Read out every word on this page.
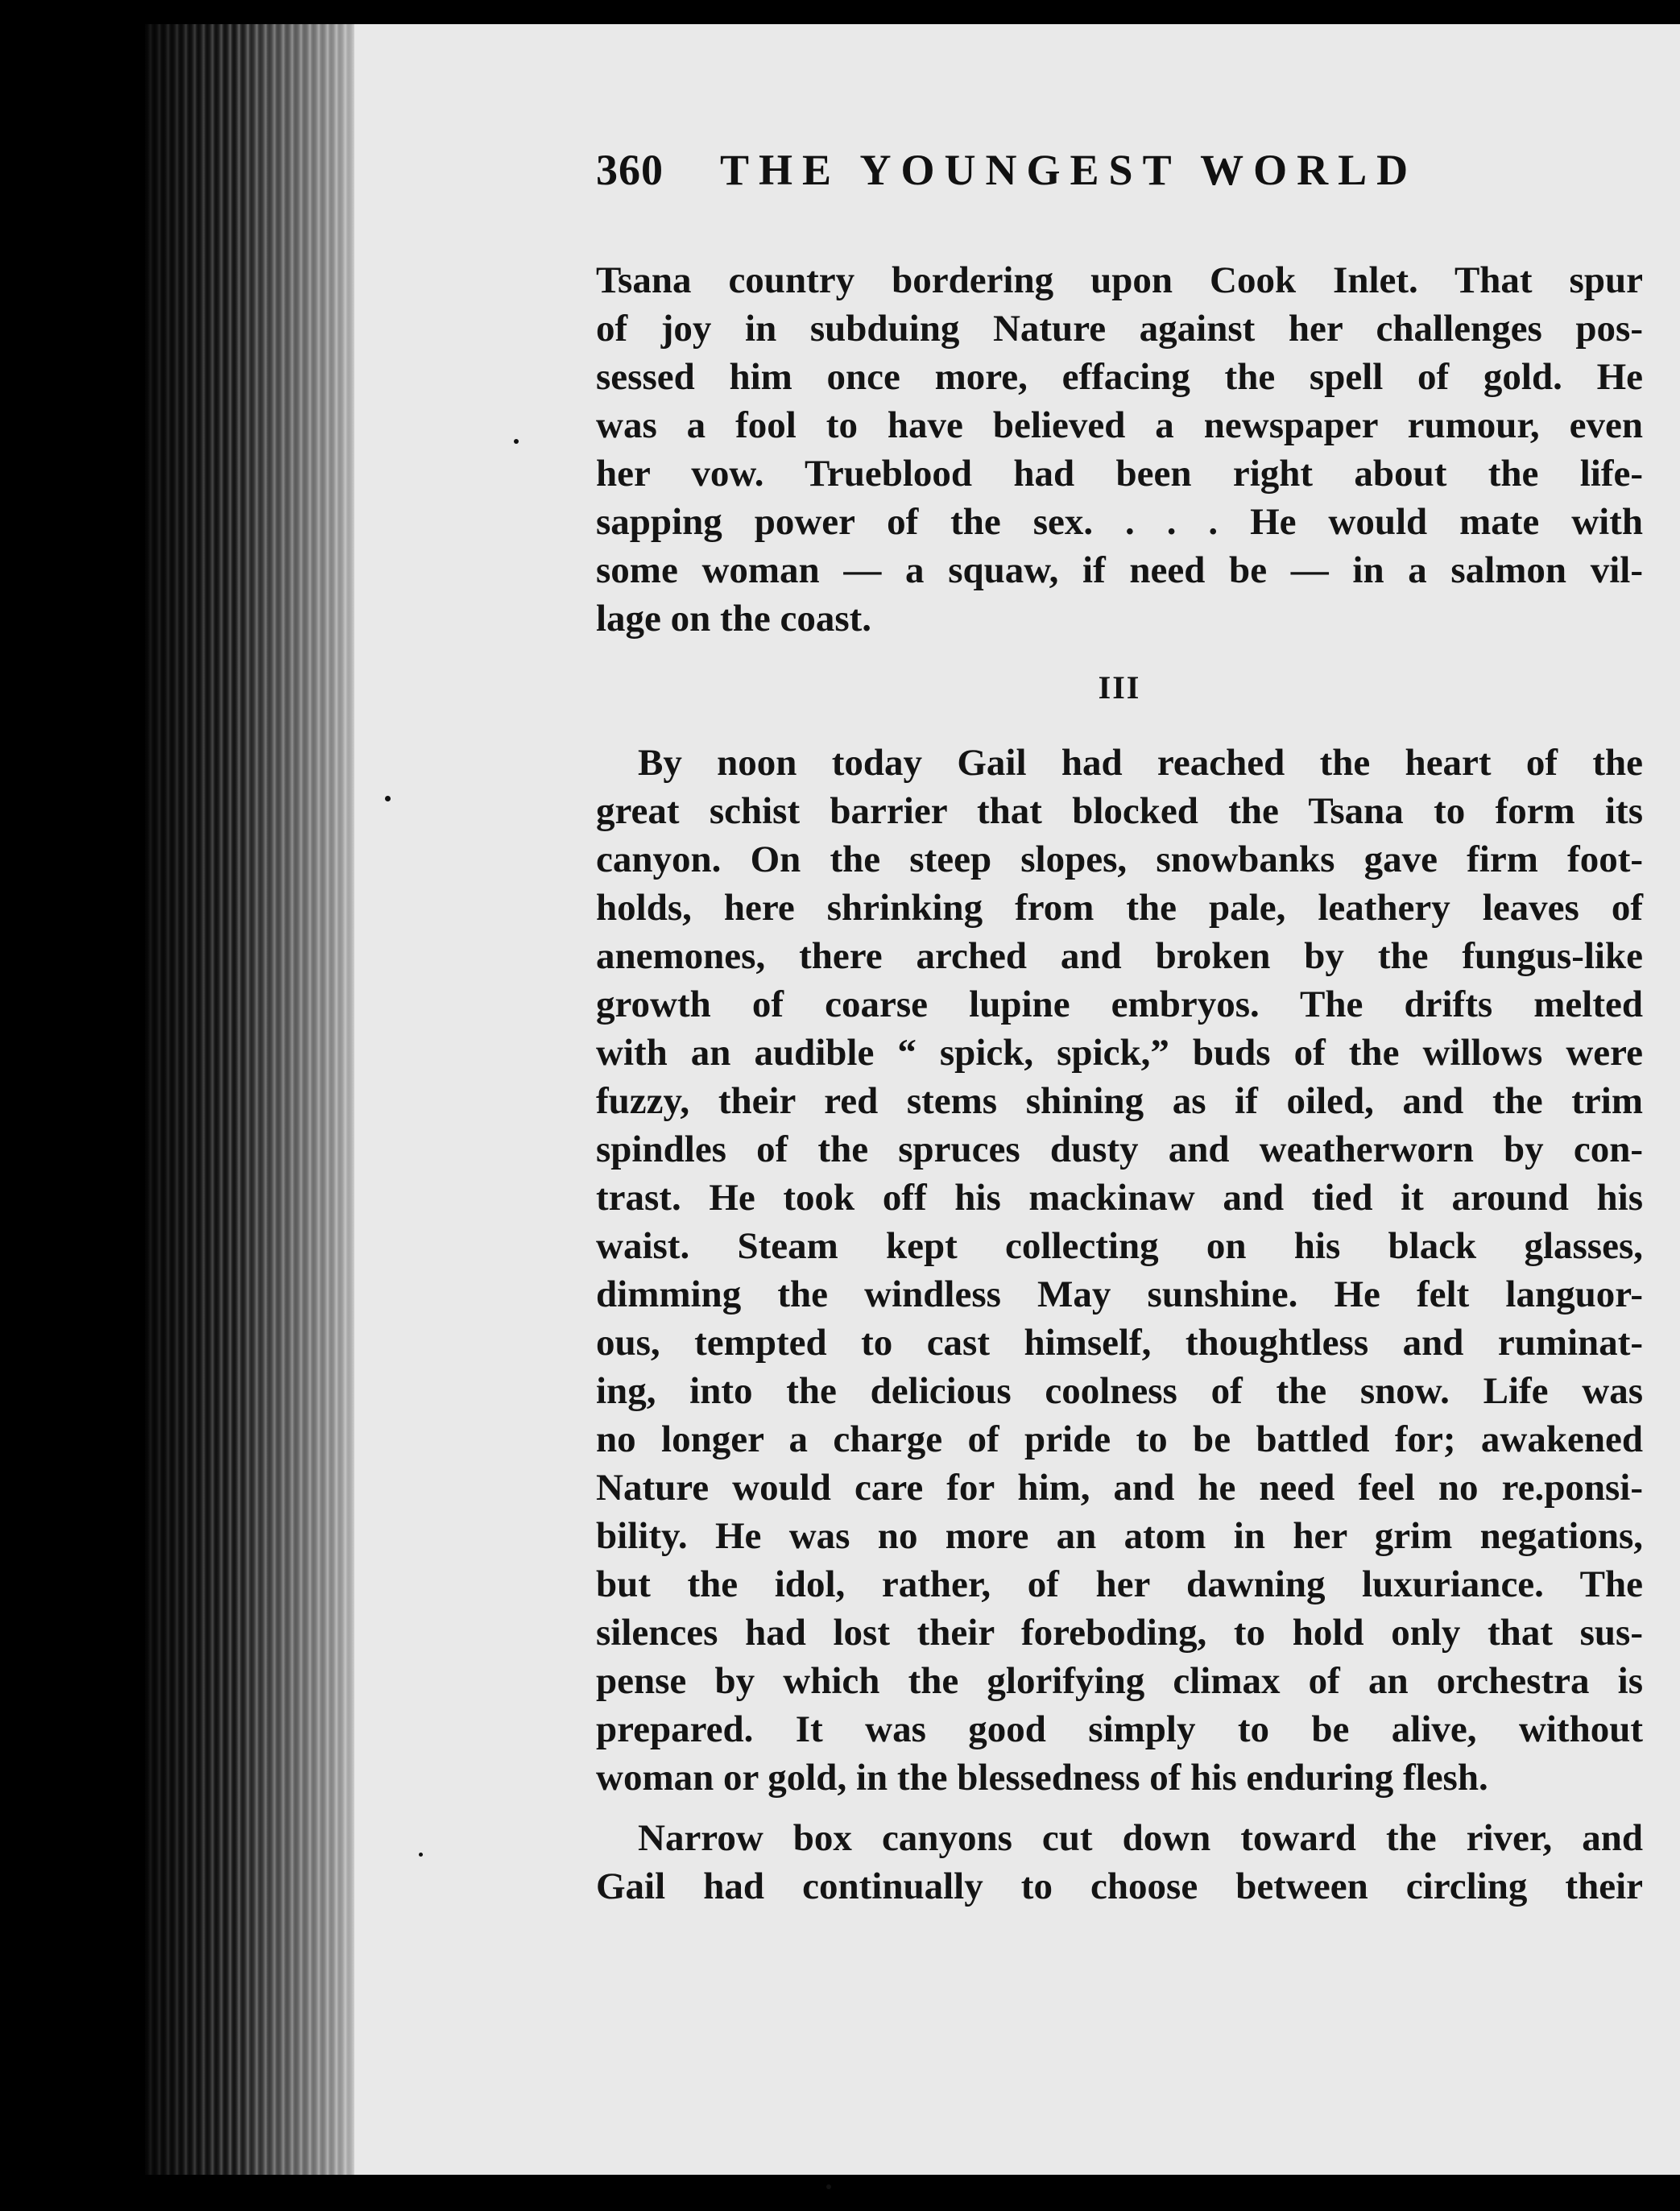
360 THE YOUNGEST WORLD
Tsana country bordering upon Cook Inlet. That spur
of joy in subduing Nature against her challenges pos-
sessed him once more, effacing the spell of gold. He
was a fool to have believed a newspaper rumour, even
her vow. Trueblood had been right about the life-
sapping power of the sex. . . . He would mate with
some woman — a squaw, if need be — in a salmon vil-
lage on the coast.
III
By noon today Gail had reached the heart of the
great schist barrier that blocked the Tsana to form its
canyon. On the steep slopes, snowbanks gave firm foot-
holds, here shrinking from the pale, leathery leaves of
anemones, there arched and broken by the fungus-like
growth of coarse lupine embryos. The drifts melted
with an audible “ spick, spick,” buds of the willows were
fuzzy, their red stems shining as if oiled, and the trim
spindles of the spruces dusty and weatherworn by con-
trast. He took off his mackinaw and tied it around his
waist. Steam kept collecting on his black glasses,
dimming the windless May sunshine. He felt languor-
ous, tempted to cast himself, thoughtless and ruminat-
ing, into the delicious coolness of the snow. Life was
no longer a charge of pride to be battled for; awakened
Nature would care for him, and he need feel no re.ponsi-
bility. He was no more an atom in her grim negations,
but the idol, rather, of her dawning luxuriance. The
silences had lost their foreboding, to hold only that sus-
pense by which the glorifying climax of an orchestra is
prepared. It was good simply to be alive, without
woman or gold, in the blessedness of his enduring flesh.
Narrow box canyons cut down toward the river, and
Gail had continually to choose between circling their
